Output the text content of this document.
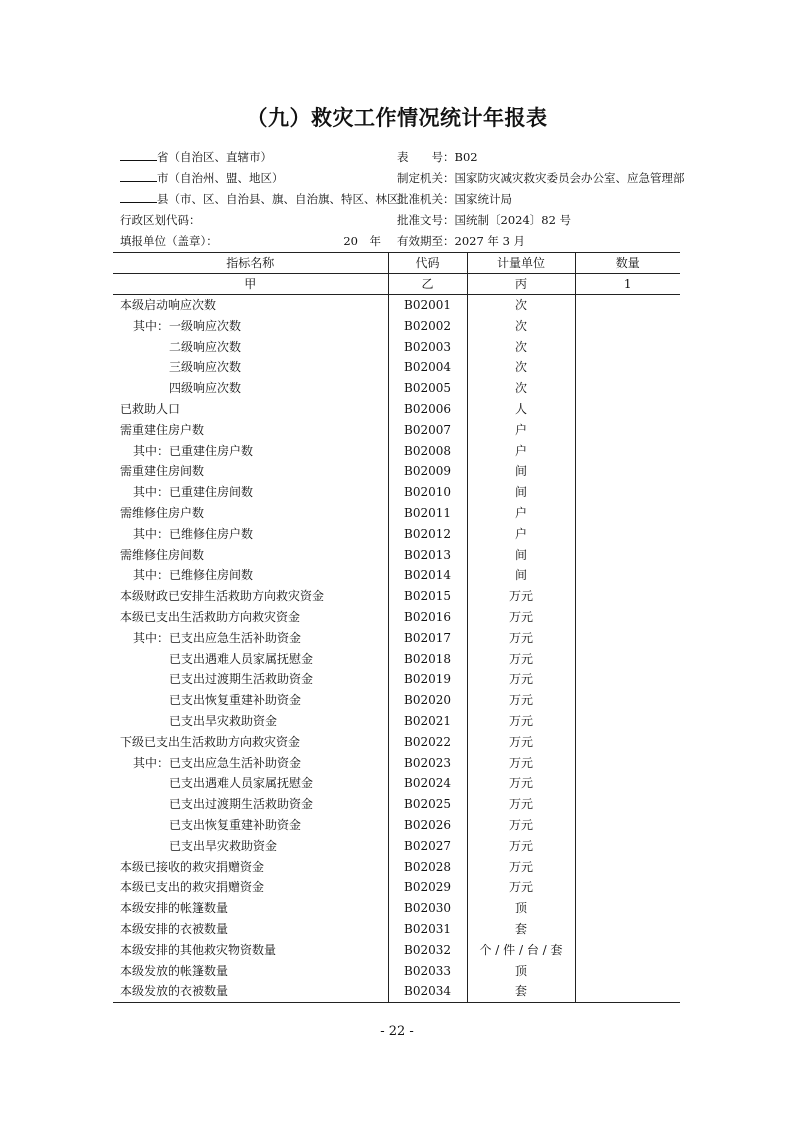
（九）救灾工作情况统计年报表
省（自治区、直辖市）
市（自治州、盟、地区）
县（市、区、自治县、旗、自治旗、特区、林区）
行政区划代码：
填报单位（盖章）：	20　年
表　　号：B02
制定机关：国家防灾减灾救灾委员会办公室、应急管理部
批准机关：国家统计局
批准文号：国统制〔2024〕82 号
有效期至：2027 年 3 月
指标名称	代码	计量单位	数量
甲	乙	丙	1
本级启动响应次数	B02001	次	
其中：一级响应次数	B02002	次	
二级响应次数	B02003	次	
三级响应次数	B02004	次	
四级响应次数	B02005	次	
已救助人口	B02006	人	
需重建住房户数	B02007	户	
其中：已重建住房户数	B02008	户	
需重建住房间数	B02009	间	
其中：已重建住房间数	B02010	间	
需维修住房户数	B02011	户	
其中：已维修住房户数	B02012	户	
需维修住房间数	B02013	间	
其中：已维修住房间数	B02014	间	
本级财政已安排生活救助方向救灾资金	B02015	万元	
本级已支出生活救助方向救灾资金	B02016	万元	
其中：已支出应急生活补助资金	B02017	万元	
已支出遇难人员家属抚慰金	B02018	万元	
已支出过渡期生活救助资金	B02019	万元	
已支出恢复重建补助资金	B02020	万元	
已支出旱灾救助资金	B02021	万元	
下级已支出生活救助方向救灾资金	B02022	万元	
其中：已支出应急生活补助资金	B02023	万元	
已支出遇难人员家属抚慰金	B02024	万元	
已支出过渡期生活救助资金	B02025	万元	
已支出恢复重建补助资金	B02026	万元	
已支出旱灾救助资金	B02027	万元	
本级已接收的救灾捐赠资金	B02028	万元	
本级已支出的救灾捐赠资金	B02029	万元	
本级安排的帐篷数量	B02030	顶	
本级安排的衣被数量	B02031	套	
本级安排的其他救灾物资数量	B02032	个 / 件 / 台 / 套	
本级发放的帐篷数量	B02033	顶	
本级发放的衣被数量	B02034	套	
- 22 -
